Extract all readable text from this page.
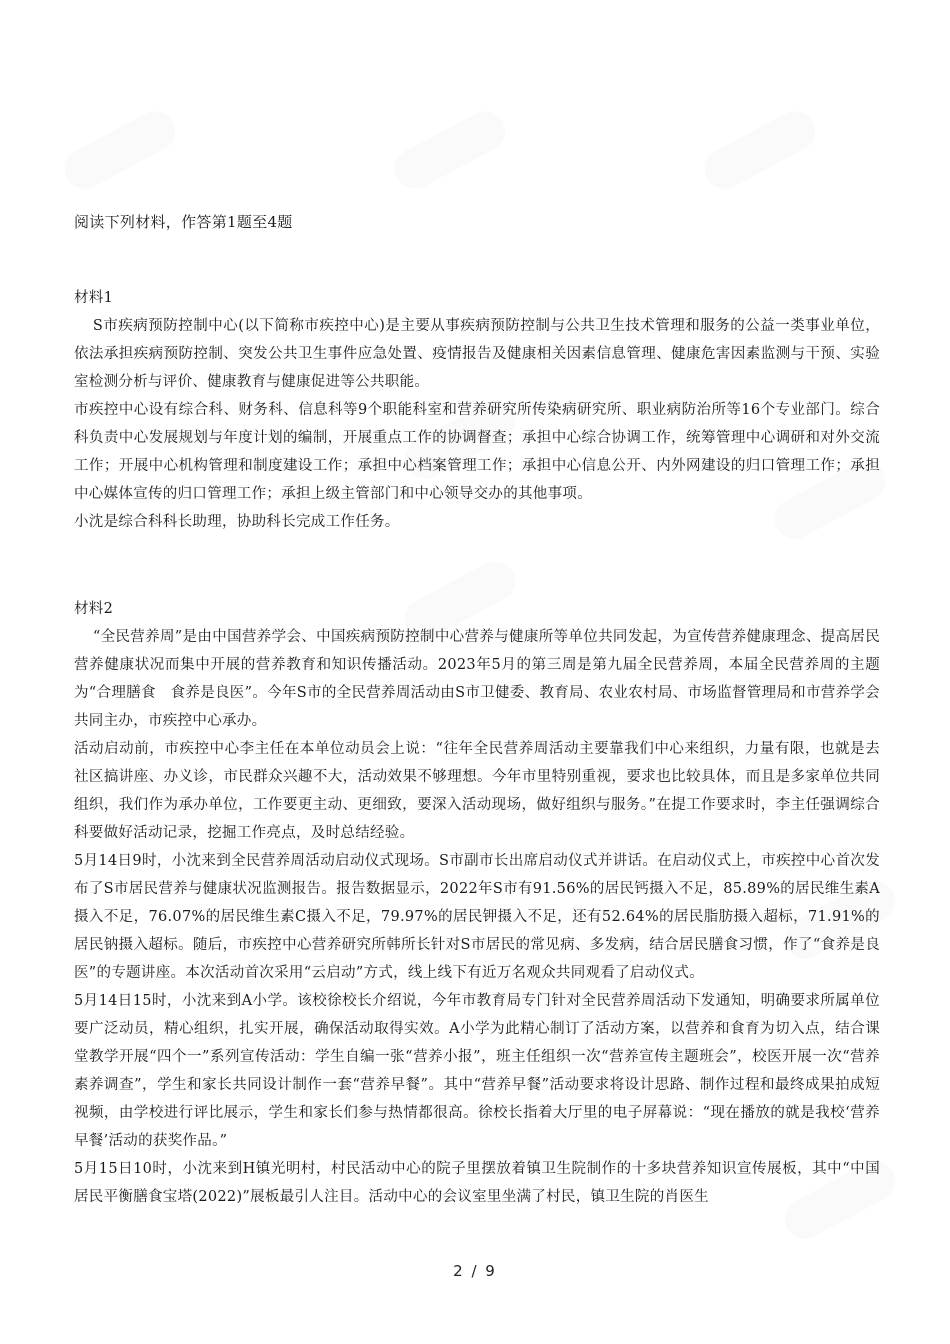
阅读下列材料，作答第1题至4题
材料1

S市疾病预防控制中心(以下简称市疾控中心)是主要从事疾病预防控制与公共卫生技术管理和服务的公益一类事业单位，依法承担疾病预防控制、突发公共卫生事件应急处置、疫情报告及健康相关因素信息管理、健康危害因素监测与干预、实验室检测分析与评价、健康教育与健康促进等公共职能。

市疾控中心设有综合科、财务科、信息科等9个职能科室和营养研究所传染病研究所、职业病防治所等16个专业部门。综合科负责中心发展规划与年度计划的编制，开展重点工作的协调督查；承担中心综合协调工作，统筹管理中心调研和对外交流工作；开展中心机构管理和制度建设工作；承担中心档案管理工作；承担中心信息公开、内外网建设的归口管理工作；承担中心媒体宣传的归口管理工作；承担上级主管部门和中心领导交办的其他事项。

小沈是综合科科长助理，协助科长完成工作任务。

材料2

“全民营养周”是由中国营养学会、中国疾病预防控制中心营养与健康所等单位共同发起，为宣传营养健康理念、提高居民营养健康状况而集中开展的营养教育和知识传播活动。2023年5月的第三周是第九届全民营养周，本届全民营养周的主题为“合理膳食　食养是良医”。今年S市的全民营养周活动由S市卫健委、教育局、农业农村局、市场监督管理局和市营养学会共同主办，市疾控中心承办。

活动启动前，市疾控中心李主任在本单位动员会上说：“往年全民营养周活动主要靠我们中心来组织，力量有限，也就是去社区搞讲座、办义诊，市民群众兴趣不大，活动效果不够理想。今年市里特别重视，要求也比较具体，而且是多家单位共同组织，我们作为承办单位，工作要更主动、更细致，要深入活动现场，做好组织与服务。”在提工作要求时，李主任强调综合科要做好活动记录，挖掘工作亮点，及时总结经验。

5月14日9时，小沈来到全民营养周活动启动仪式现场。S市副市长出席启动仪式并讲话。在启动仪式上，市疾控中心首次发布了S市居民营养与健康状况监测报告。报告数据显示，2022年S市有91.56%的居民钙摄入不足，85.89%的居民维生素A摄入不足，76.07%的居民维生素C摄入不足，79.97%的居民钾摄入不足，还有52.64%的居民脂肪摄入超标，71.91%的居民钠摄入超标。随后，市疾控中心营养研究所韩所长针对S市居民的常见病、多发病，结合居民膳食习惯，作了“食养是良医”的专题讲座。本次活动首次采用“云启动”方式，线上线下有近万名观众共同观看了启动仪式。

5月14日15时，小沈来到A小学。该校徐校长介绍说，今年市教育局专门针对全民营养周活动下发通知，明确要求所属单位要广泛动员，精心组织，扎实开展，确保活动取得实效。A小学为此精心制订了活动方案，以营养和食育为切入点，结合课堂教学开展“四个一”系列宣传活动：学生自编一张“营养小报”，班主任组织一次“营养宣传主题班会”，校医开展一次“营养素养调查”，学生和家长共同设计制作一套“营养早餐”。其中“营养早餐”活动要求将设计思路、制作过程和最终成果拍成短视频，由学校进行评比展示，学生和家长们参与热情都很高。徐校长指着大厅里的电子屏幕说：“现在播放的就是我校‘营养早餐’活动的获奖作品。”

5月15日10时，小沈来到H镇光明村，村民活动中心的院子里摆放着镇卫生院制作的十多块营养知识宣传展板，其中“中国居民平衡膳食宝塔(2022)”展板最引人注目。活动中心的会议室里坐满了村民，镇卫生院的肖医生

2 / 9
